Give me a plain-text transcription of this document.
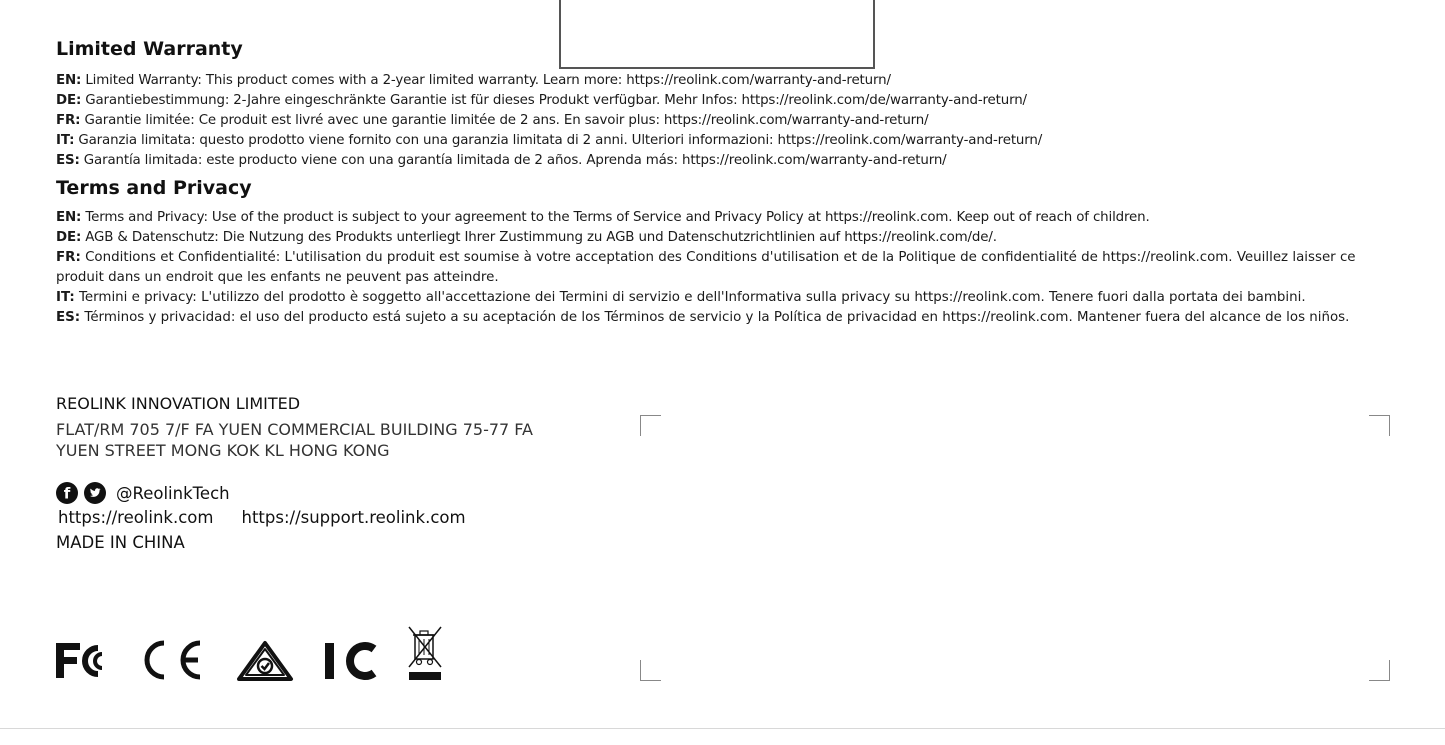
Limited Warranty

EN: Limited Warranty: This product comes with a 2-year limited warranty. Learn more: https://reolink.com/warranty-and-return/

DE: Garantiebestimmung: 2-Jahre eingeschränkte Garantie ist für dieses Produkt verfügbar. Mehr Infos: https://reolink.com/de/warranty-and-return/

FR: Garantie limitée: Ce produit est livré avec une garantie limitée de 2 ans. En savoir plus: https://reolink.com/warranty-and-return/

IT: Garanzia limitata: questo prodotto viene fornito con una garanzia limitata di 2 anni. Ulteriori informazioni: https://reolink.com/warranty-and-return/

ES: Garantía limitada: este producto viene con una garantía limitada de 2 años. Aprenda más: https://reolink.com/warranty-and-return/

Terms and Privacy

EN: Terms and Privacy: Use of the product is subject to your agreement to the Terms of Service and Privacy Policy at https://reolink.com. Keep out of reach of children.

DE: AGB & Datenschutz: Die Nutzung des Produkts unterliegt Ihrer Zustimmung zu AGB und Datenschutzrichtlinien auf https://reolink.com/de/.

FR: Conditions et Confidentialité: L'utilisation du produit est soumise à votre acceptation des Conditions d'utilisation et de la Politique de confidentialité de https://reolink.com. Veuillez laisser ce produit dans un endroit que les enfants ne peuvent pas atteindre.

IT: Termini e privacy: L'utilizzo del prodotto è soggetto all'accettazione dei Termini di servizio e dell'Informativa sulla privacy su https://reolink.com. Tenere fuori dalla portata dei bambini.

ES: Términos y privacidad: el uso del producto está sujeto a su aceptación de los Términos de servicio y la Política de privacidad en https://reolink.com. Mantener fuera del alcance de los niños.

REOLINK INNOVATION LIMITED

FLAT/RM 705 7/F FA YUEN COMMERCIAL BUILDING 75-77 FA
YUEN STREET MONG KOK KL HONG KONG
f	@ReolinkTech
https://reolink.com https://support.reolink.com
MADE IN CHINA
